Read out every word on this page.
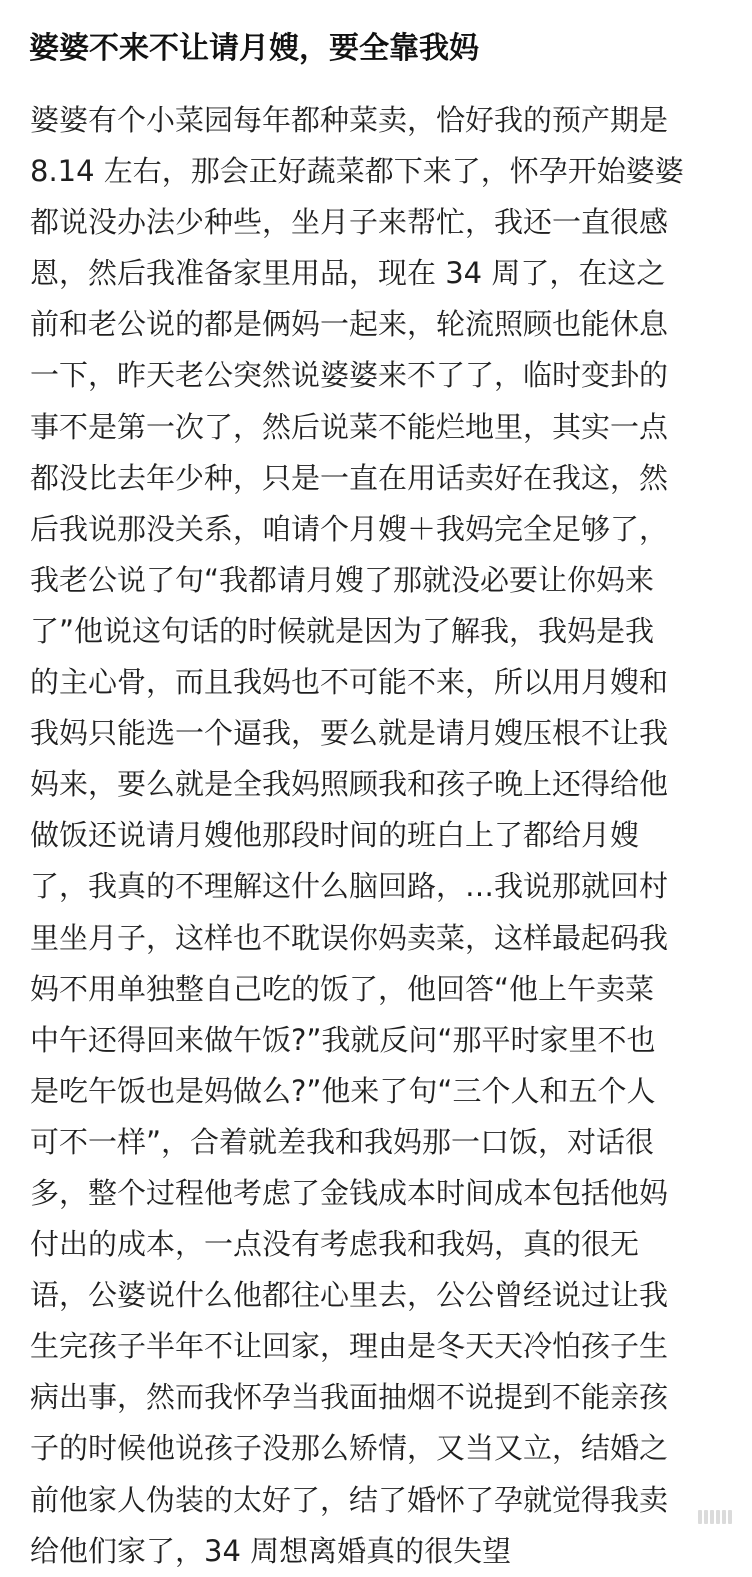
婆婆不来不让请月嫂，要全靠我妈
婆婆有个小菜园每年都种菜卖，恰好我的预产期是
8.14 左右，那会正好蔬菜都下来了，怀孕开始婆婆
都说没办法少种些，坐月子来帮忙，我还一直很感
恩，然后我准备家里用品，现在 34 周了，在这之
前和老公说的都是俩妈一起来，轮流照顾也能休息
一下，昨天老公突然说婆婆来不了了，临时变卦的
事不是第一次了，然后说菜不能烂地里，其实一点
都没比去年少种，只是一直在用话卖好在我这，然
后我说那没关系，咱请个月嫂＋我妈完全足够了，
我老公说了句“我都请月嫂了那就没必要让你妈来
了”他说这句话的时候就是因为了解我，我妈是我
的主心骨，而且我妈也不可能不来，所以用月嫂和
我妈只能选一个逼我，要么就是请月嫂压根不让我
妈来，要么就是全我妈照顾我和孩子晚上还得给他
做饭还说请月嫂他那段时间的班白上了都给月嫂
了，我真的不理解这什么脑回路，…我说那就回村
里坐月子，这样也不耽误你妈卖菜，这样最起码我
妈不用单独整自己吃的饭了，他回答“他上午卖菜
中午还得回来做午饭?”我就反问“那平时家里不也
是吃午饭也是妈做么?”他来了句“三个人和五个人
可不一样”，合着就差我和我妈那一口饭，对话很
多，整个过程他考虑了金钱成本时间成本包括他妈
付出的成本，一点没有考虑我和我妈，真的很无
语，公婆说什么他都往心里去，公公曾经说过让我
生完孩子半年不让回家，理由是冬天天冷怕孩子生
病出事，然而我怀孕当我面抽烟不说提到不能亲孩
子的时候他说孩子没那么矫情，又当又立，结婚之
前他家人伪装的太好了，结了婚怀了孕就觉得我卖
给他们家了，34 周想离婚真的很失望
